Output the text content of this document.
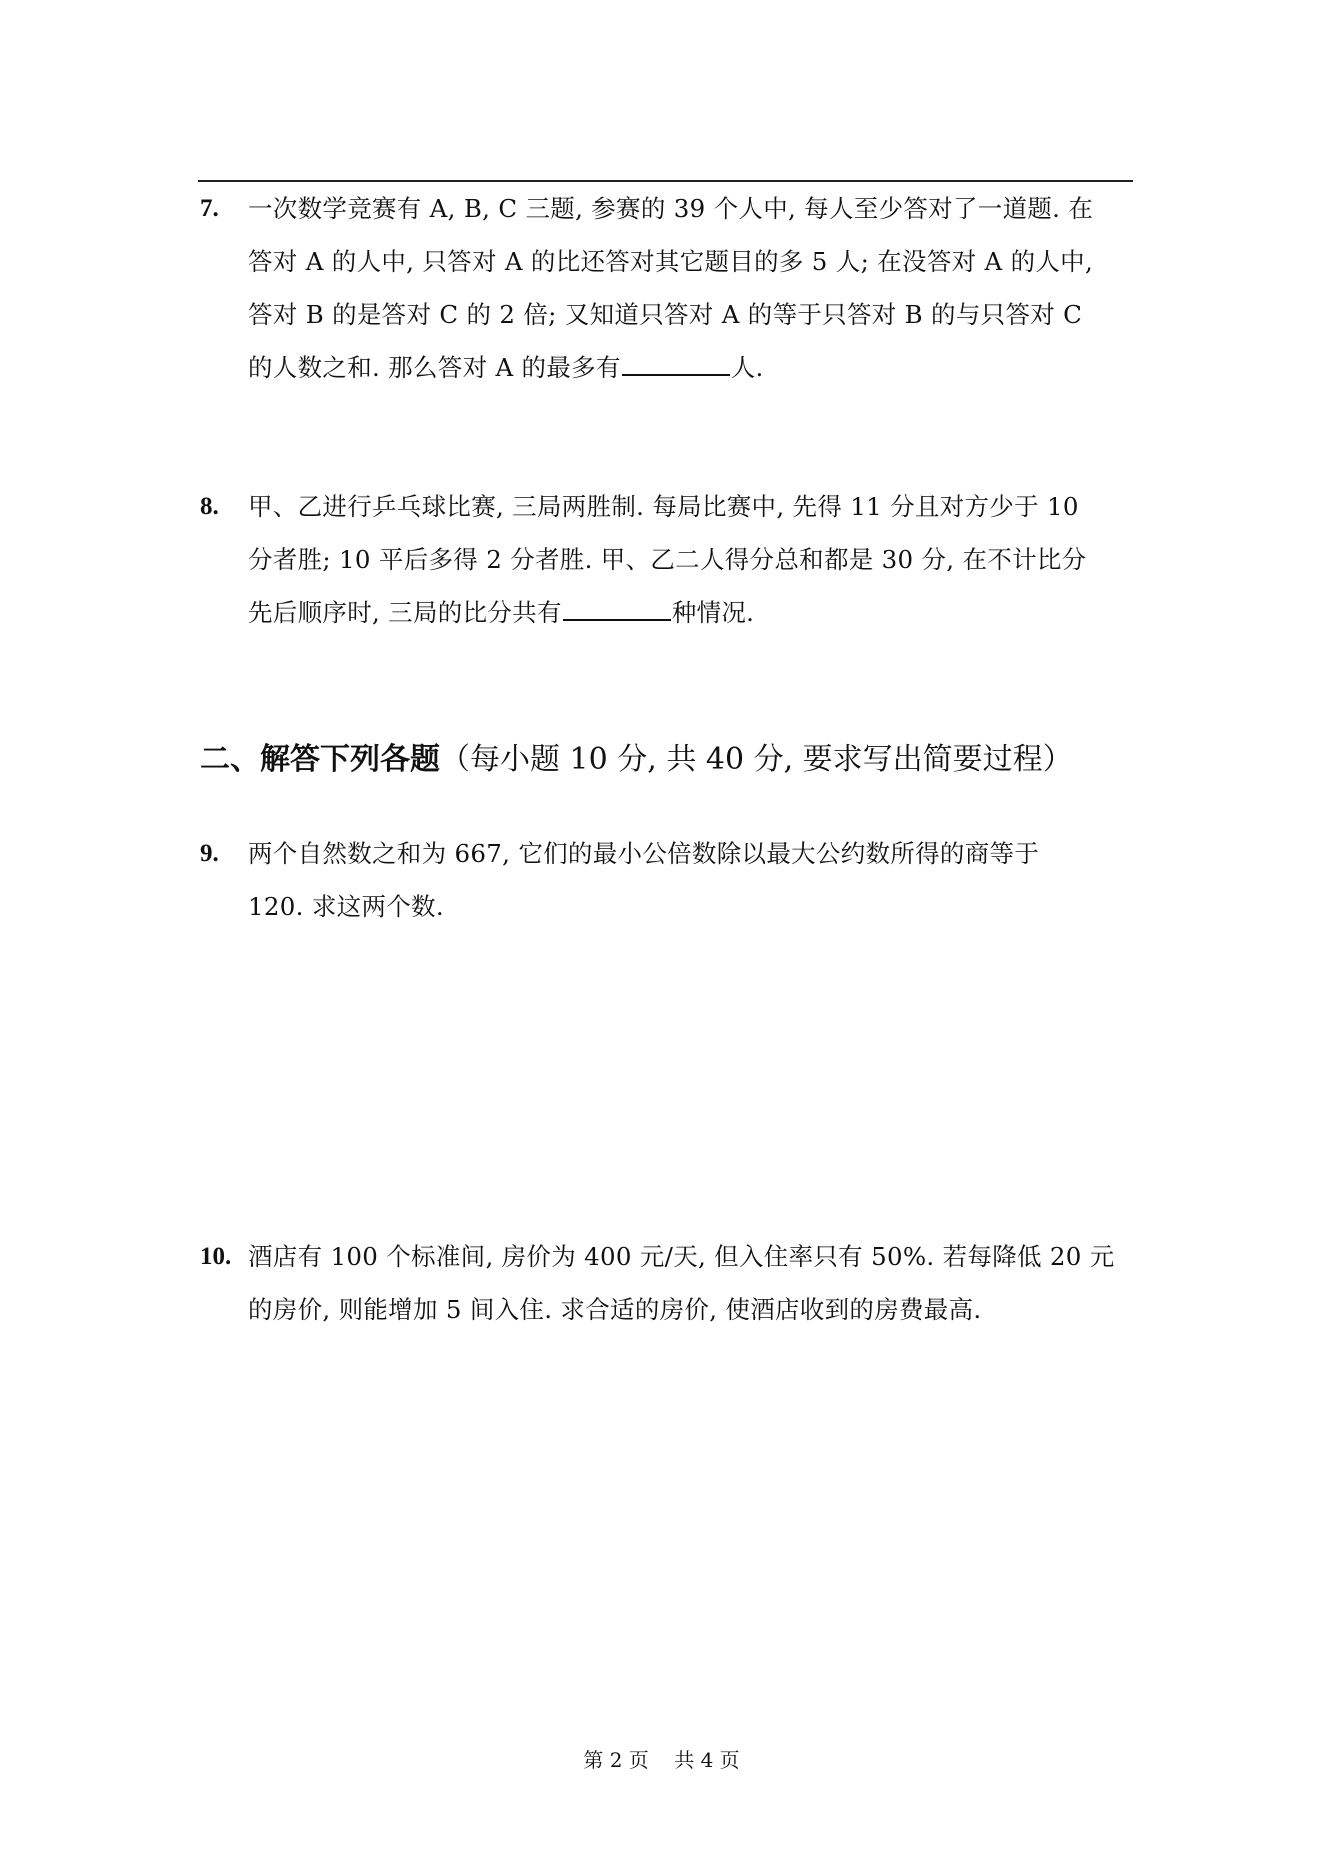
7. 一次数学竞赛有 A, B, C 三题, 参赛的 39 个人中, 每人至少答对了一道题. 在
答对 A 的人中, 只答对 A 的比还答对其它题目的多 5 人; 在没答对 A 的人中,
答对 B 的是答对 C 的 2 倍; 又知道只答对 A 的等于只答对 B 的与只答对 C
的人数之和. 那么答对 A 的最多有	人.
8. 甲、乙进行乒乓球比赛, 三局两胜制. 每局比赛中, 先得 11 分且对方少于 10
分者胜; 10 平后多得 2 分者胜. 甲、乙二人得分总和都是 30 分, 在不计比分
先后顺序时, 三局的比分共有	种情况.
二、解答下列各题（每小题 10 分, 共 40 分, 要求写出简要过程）
9. 两个自然数之和为 667, 它们的最小公倍数除以最大公约数所得的商等于
120. 求这两个数.
10. 酒店有 100 个标准间, 房价为 400 元/天, 但入住率只有 50%. 若每降低 20 元
的房价, 则能增加 5 间入住. 求合适的房价, 使酒店收到的房费最高.
第 2 页    共 4 页
